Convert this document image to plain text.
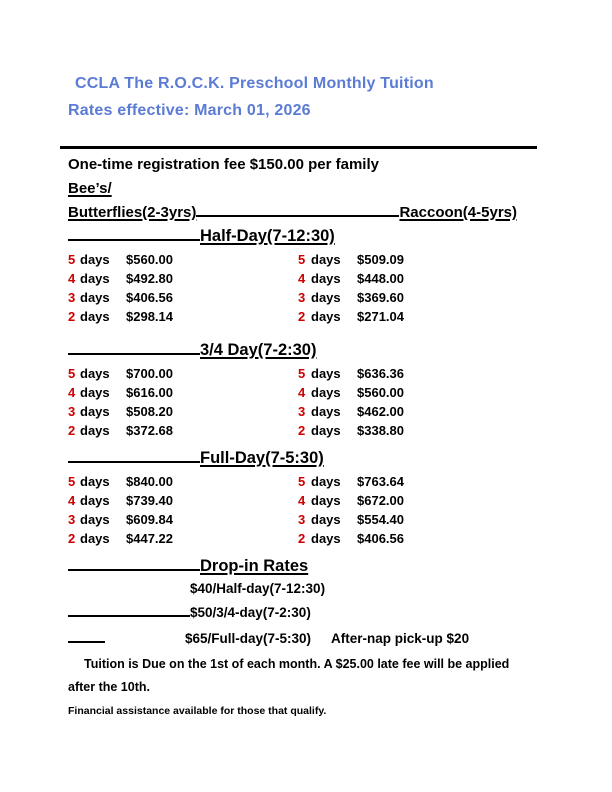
CCLA The R.O.C.K. Preschool Monthly Tuition
Rates effective: March 01, 2026
One-time registration fee $150.00 per family
Bee’s/
Butterflies(2-3yrs)	Raccoon(4-5yrs)
Half-Day(7-12:30)
5 days	$560.00	5 days	$509.09
4 days	$492.80	4 days	$448.00
3 days	$406.56	3 days	$369.60
2 days	$298.14	2 days	$271.04
3/4 Day(7-2:30)
5 days	$700.00	5 days	$636.36
4 days	$616.00	4 days	$560.00
3 days	$508.20	3 days	$462.00
2 days	$372.68	2 days	$338.80
Full-Day(7-5:30)
5 days	$840.00	5 days	$763.64
4 days	$739.40	4 days	$672.00
3 days	$609.84	3 days	$554.40
2 days	$447.22	2 days	$406.56
Drop-in Rates
$40/Half-day(7-12:30)
$50/3/4-day(7-2:30)
$65/Full-day(7-5:30) After-nap pick-up $20
Tuition is Due on the 1st of each month. A $25.00 late fee will be applied after the 10th.
Financial assistance available for those that qualify.
